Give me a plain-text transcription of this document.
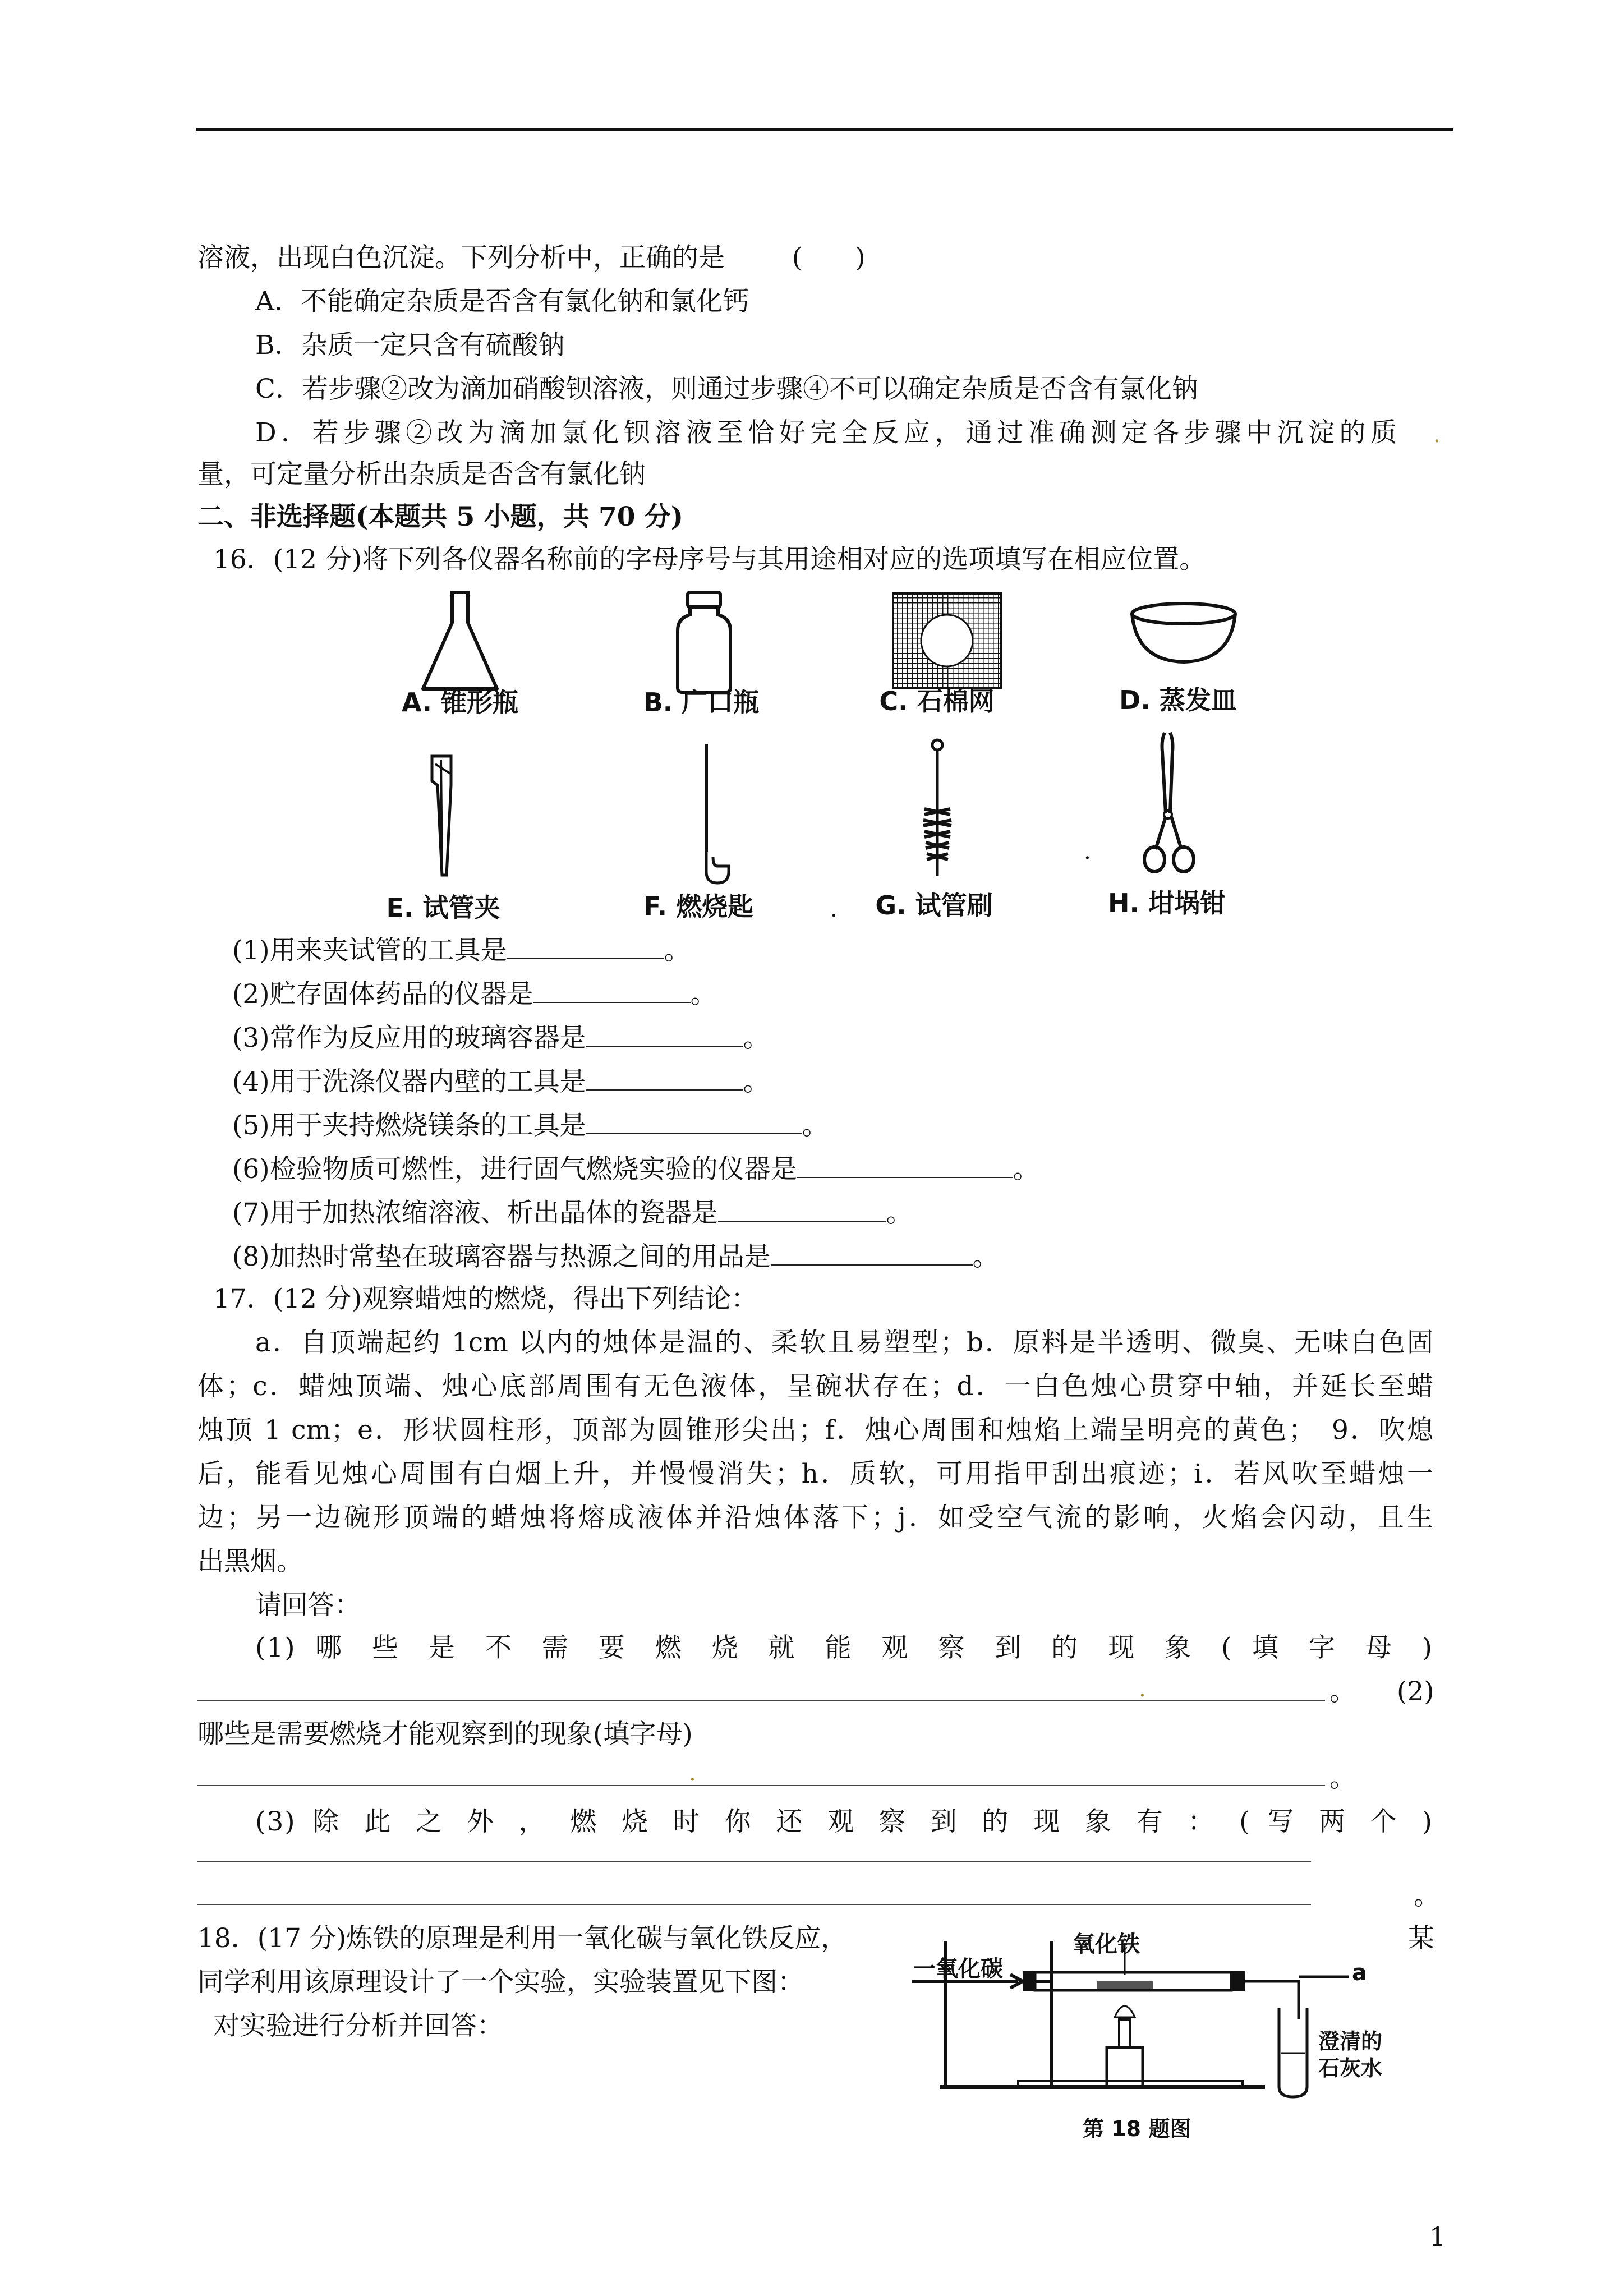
溶液，出现白色沉淀。下列分析中，正确的是	(　　)
A．不能确定杂质是否含有氯化钠和氯化钙
B．杂质一定只含有硫酸钠
C．若步骤②改为滴加硝酸钡溶液，则通过步骤④不可以确定杂质是否含有氯化钠
D．若步骤②改为滴加氯化钡溶液至恰好完全反应，通过准确测定各步骤中沉淀的质
量，可定量分析出杂质是否含有氯化钠
.
二、非选择题(本题共 5 小题，共 70 分)
16．(12 分)将下列各仪器名称前的字母序号与其用途相对应的选项填写在相应位置。
A. 锥形瓶	B. 广口瓶	C. 石棉网	D. 蒸发皿
.
.
E. 试管夹	F. 燃烧匙	G. 试管刷	H. 坩埚钳
(1)用来夹试管的工具是	。
(2)贮存固体药品的仪器是	。
(3)常作为反应用的玻璃容器是	。
(4)用于洗涤仪器内壁的工具是	。
(5)用于夹持燃烧镁条的工具是	。
(6)检验物质可燃性，进行固气燃烧实验的仪器是	。
(7)用于加热浓缩溶液、析出晶体的瓷器是	。
(8)加热时常垫在玻璃容器与热源之间的用品是	。
17．(12 分)观察蜡烛的燃烧，得出下列结论：
a．自顶端起约 1cm 以内的烛体是温的、柔软且易塑型；b．原料是半透明、微臭、无味白色固
体；c．蜡烛顶端、烛心底部周围有无色液体，呈碗状存在；d．一白色烛心贯穿中轴，并延长至蜡
烛顶 1 cm；e．形状圆柱形，顶部为圆锥形尖出；f．烛心周围和烛焰上端呈明亮的黄色；　9．吹熄
后，能看见烛心周围有白烟上升，并慢慢消失；h．质软，可用指甲刮出痕迹；i．若风吹至蜡烛一
边；另一边碗形顶端的蜡烛将熔成液体并沿烛体落下；j．如受空气流的影响，火焰会闪动，且生
出黑烟。
请回答：
(1) 哪 些 是 不 需 要 燃 烧 就 能 观 察 到 的 现 象 ( 填 字 母 )
。 (2)
.
哪些是需要燃烧才能观察到的现象(填字母)
。
.
(3) 除 此 之 外 ， 燃 烧 时 你 还 观 察 到 的 现 象 有 ： ( 写 两 个 )
。
18．(17 分)炼铁的原理是利用一氧化碳与氧化铁反应，	某
同学利用该原理设计了一个实验，实验装置见下图：
对实验进行分析并回答：
一氧化碳
氧化铁
a
澄清的
石灰水
第 18 题图
1
